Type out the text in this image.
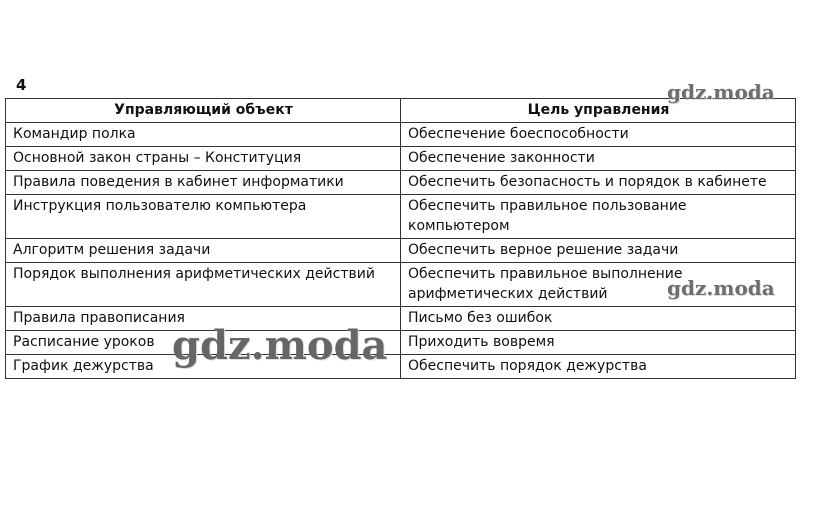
4
Управляющий объект	Цель управления
Командир полка	Обеспечение боеспособности
Основной закон страны – Конституция	Обеспечение законности
Правила поведения в кабинет информатики	Обеспечить безопасность и порядок в кабинете
Инструкция пользователю компьютера	Обеспечить правильное пользование компьютером
Алгоритм решения задачи	Обеспечить верное решение задачи
Порядок выполнения арифметических действий	Обеспечить правильное выполнение арифметических действий
Правила правописания	Письмо без ошибок
Расписание уроков	Приходить вовремя
График дежурства	Обеспечить порядок дежурства
gdz.moda
gdz.moda
gdz.moda
